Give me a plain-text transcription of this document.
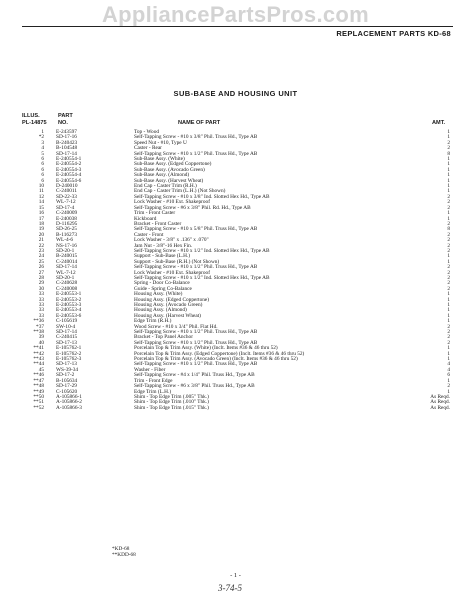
AppliancePartsPros.com
REPLACEMENT PARTS KD-68
SUB-BASE AND HOUSING UNIT
ILLUS.
PL-14875
PART
NO.	NAME OF PART	AMT.
1 E-243597	Top - Wood	1
*2 SD-17-16	Self-Tapping Screw - #10 x 3/8" Phil. Truss Hd., Type AB	1
3 B-240423	Speed Nut - #10, Type U	2
4 B-104548	Caster - Rear	2
5 SD-17-14	Self-Tapping Screw - #10 x 1/2" Phil. Truss Hd., Type AB	8
6 E-240554-1	Sub-Base Assy. (White)	1
6 E-240554-2	Sub-Base Assy. (Edged Coppertone)	1
6 E-240554-3	Sub-Base Assy. (Avocado Green)	1
6 E-240554-4	Sub-Base Assy. (Almond)	1
6 E-240554-6	Sub-Base Assy. (Harvest Wheat)	1
10 D-240010	End Cap - Caster Trim (R.H.)	1
11 C-240011	End Cap - Caster Trim (L.H.) (Not Shown)	1
12 SD-22-33	Self-Tapping Screw - #10 x 3/8" Ind. Slotted Hex Hd., Type AB	2
14 WL-7-12	Lock Washer - #10 Ext. Shakeproof	2
15 SD-17-4	Self-Tapping Screw - #6 x 3/8" Phil. Rd. Hd., Type AB	2
16 C-240009	Trim - Front Caster	1
17 E-240038	Kickboard	1
18 D-116295	Bracket - Front Caster	2
19 SD-26-25	Self-Tapping Screw - #10 x 5/8" Phil. Truss Hd., Type AB	8
20 B-116273	Caster - Front	2
21 WL-4-6	Lock Washer - 3/8" x .136" x .070"	2
22 NS-17-16	Jam Nut - 3/8"-16 Hex Fin.	2
23 SD-20-1	Self-Tapping Screw - #10 x 1/2" Ind. Slotted Hex Hd., Type AB	2
24 B-240015	Support - Sub-Base (L.H.)	1
25 C-240014	Support - Sub-Base (R.H.) (Not Shown)	1
26 SD-17-14	Self-Tapping Screw - #10 x 1/2" Phil. Truss Hd., Type AB	2
27 WL-7-12	Lock Washer - #10 Ext. Shakeproof	2
28 SD-20-1	Self-Tapping Screw - #10 x 1/2" Ind. Slotted Hex Hd., Type AB	2
29 C-240628	Spring - Door Co-Balance	2
30 C-240008	Guide - Spring Co-Balance	2
33 E-240553-1	Housing Assy. (White)	1
33 E-240553-2	Housing Assy. (Edged Coppertone)	1
33 E-240553-3	Housing Assy. (Avocado Green)	1
33 E-240553-4	Housing Assy. (Almond)	1
33 E-240553-6	Housing Assy. (Harvest Wheat)	1
**36 C-105619	Edge Trim (R.H.)	1
*37 SW-10-4	Wood Screw - #10 x 3/4" Phil. Flat Hd.	2
**38 SD-17-14	Self-Tapping Screw - #10 x 1/2" Phil. Truss Hd., Type AB	2
39 C-240415	Bracket - Top Panel Anchor	2
40 SD-17-13	Self-Tapping Screw - #10 x 1/2" Phil. Truss Hd., Type AB	2
**41 E-105762-1	Porcelain Top & Trim Assy. (White) (Inclt. Items #36 & 46 thru 52)	1
**42 E-105762-2	Porcelain Top & Trim Assy. (Edged Coppertone) (Inclt. Items #36 & 46 thru 52)	1
**43 E-105762-3	Porcelain Top & Trim Assy. (Avocado Green) (Inclt. Items #36 & 46 thru 52)	1
**44 SD-17-13	Self-Tapping Screw - #10 x 1/2" Phil. Truss Hd., Type AB	4
45 WS-39-34	Washer - Fiber	4
**46 SD-17-2	Self-Tapping Screw - #4 x 1/4" Phil. Truss Hd., Type AB	6
**47 B-105634	Trim - Front Edge	1
**48 SD-17-29	Self-Tapping Screw - #6 x 3/8" Phil. Truss Hd., Type AB	2
**49 C-105620	Edge Trim (L.H.)	1
**50 A-105866-1	Shim - Top Edge Trim (.005" Thk.)	As Reqd.
**51 A-105866-2	Shim - Top Edge Trim (.010" Thk.)	As Reqd.
**52 A-105866-3	Shim - Top Edge Trim (.015" Thk.)	As Reqd.
*KD-68
**KDD-68
- 1 -
3-74-5
